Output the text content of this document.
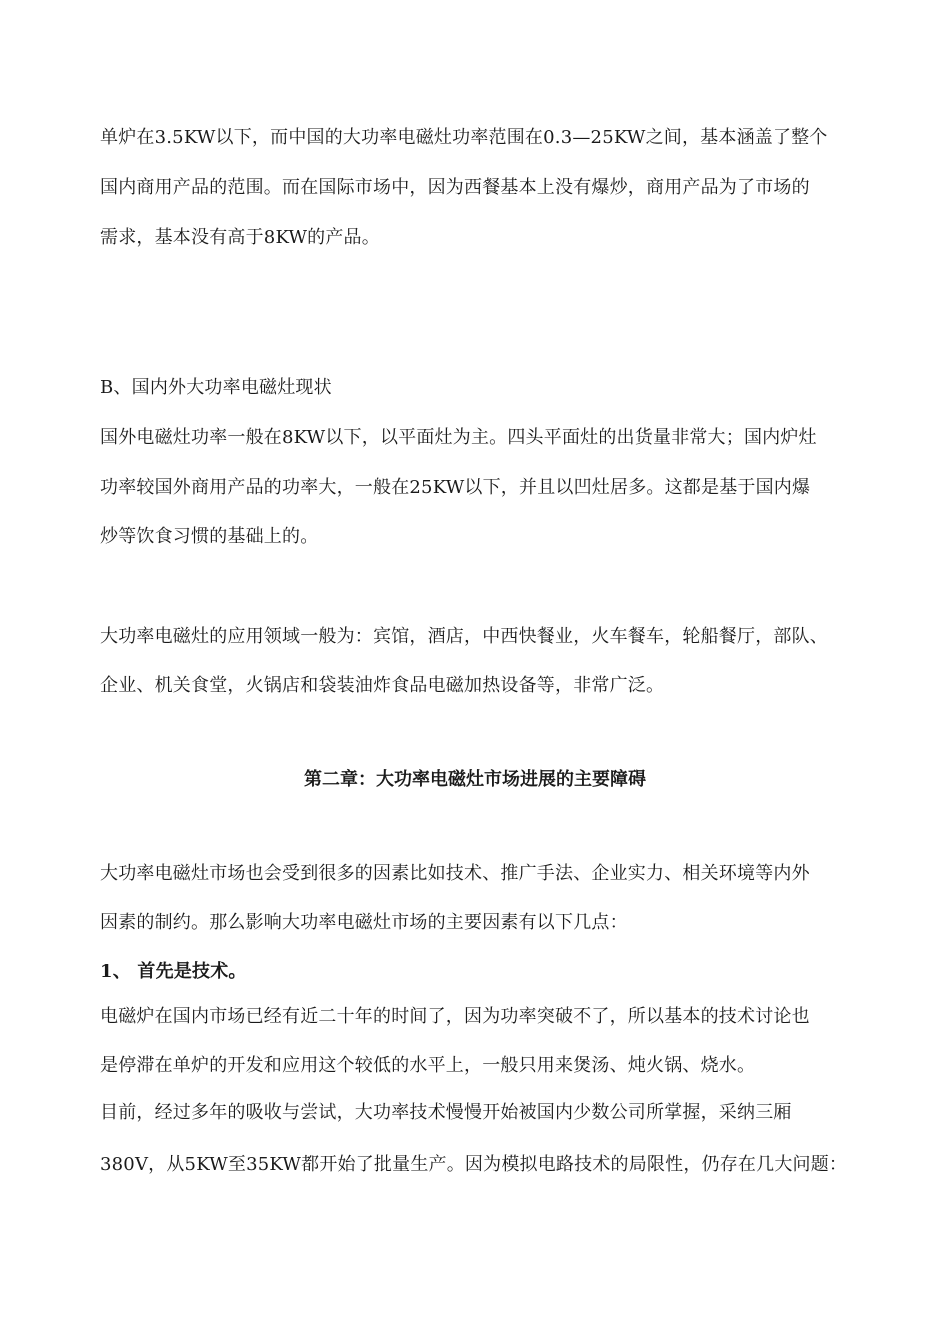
单炉在3.5KW以下，而中国的大功率电磁灶功率范围在0.3—25KW之间，基本涵盖了整个
国内商用产品的范围。而在国际市场中，因为西餐基本上没有爆炒，商用产品为了市场的
需求，基本没有高于8KW的产品。
B、国内外大功率电磁灶现状
国外电磁灶功率一般在8KW以下，以平面灶为主。四头平面灶的出货量非常大；国内炉灶
功率较国外商用产品的功率大，一般在25KW以下，并且以凹灶居多。这都是基于国内爆
炒等饮食习惯的基础上的。
大功率电磁灶的应用领域一般为：宾馆，酒店，中西快餐业，火车餐车，轮船餐厅，部队、
企业、机关食堂，火锅店和袋装油炸食品电磁加热设备等，非常广泛。
第二章：大功率电磁灶市场进展的主要障碍
大功率电磁灶市场也会受到很多的因素比如技术、推广手法、企业实力、相关环境等内外
因素的制约。那么影响大功率电磁灶市场的主要因素有以下几点：
1、 首先是技术。
电磁炉在国内市场已经有近二十年的时间了，因为功率突破不了，所以基本的技术讨论也
是停滞在单炉的开发和应用这个较低的水平上，一般只用来煲汤、炖火锅、烧水。
目前，经过多年的吸收与尝试，大功率技术慢慢开始被国内少数公司所掌握，采纳三厢
380V，从5KW至35KW都开始了批量生产。因为模拟电路技术的局限性，仍存在几大问题：
